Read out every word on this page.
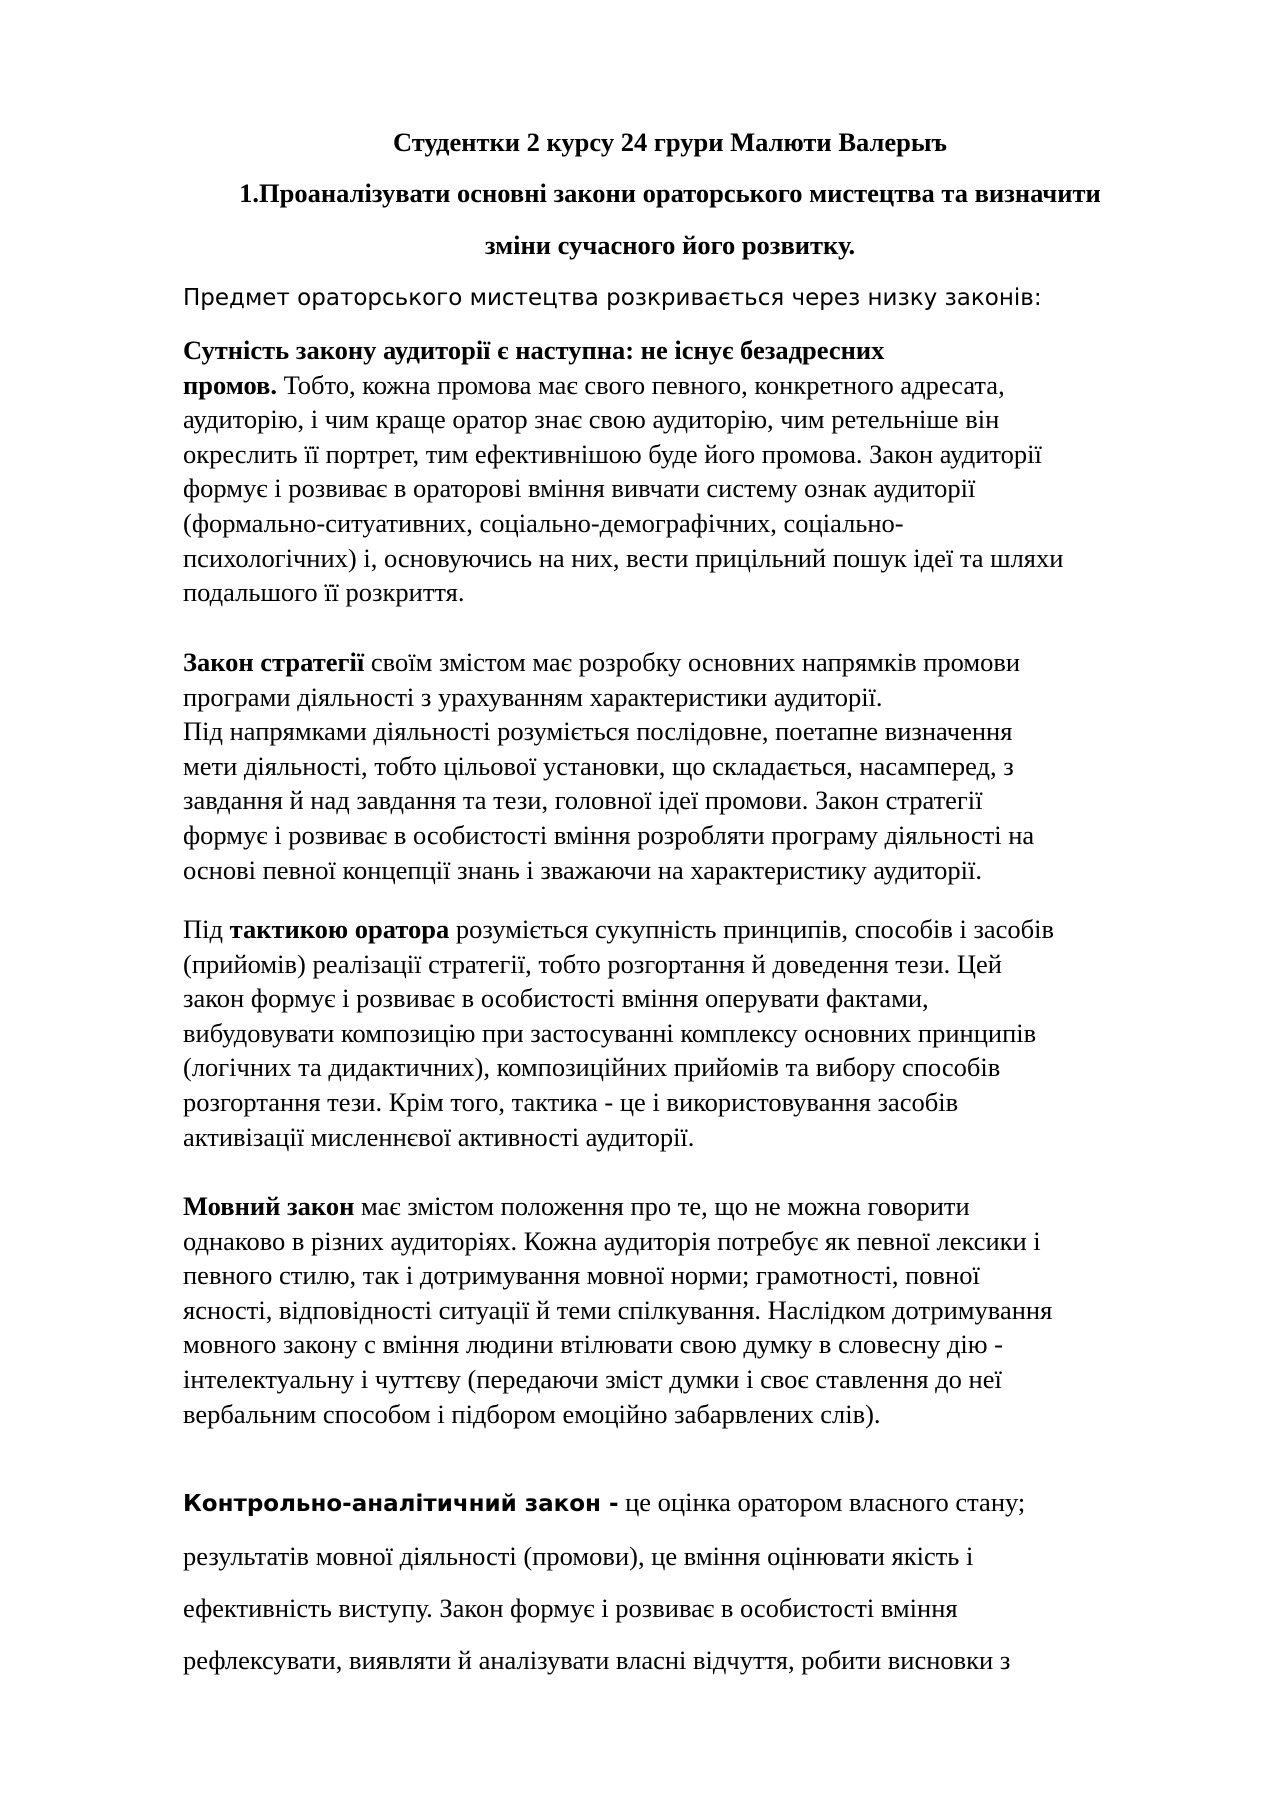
Студентки 2 курсу 24 грури Малюти Валерыъ

1.Проаналізувати основні закони ораторського мистецтва та визначити

зміни сучасного його розвитку.

Предмет ораторського мистецтва розкривається через низку законів:

Сутність закону аудиторії є наступна: не існує безадресних
промов. Тобто, кожна промова має свого певного, конкретного адресата,
аудиторію, і чим краще оратор знає свою аудиторію, чим ретельніше він
окреслить її портрет, тим ефективнішою буде його промова. Закон аудиторії
формує і розвиває в ораторові вміння вивчати систему ознак аудиторії
(формально-ситуативних, соціально-демографічних, соціально-
психологічних) і, основуючись на них, вести прицільний пошук ідеї та шляхи
подальшого її розкриття.
Закон стратегії своїм змістом має розробку основних напрямків промови
програми діяльності з урахуванням характеристики аудиторії.
Під напрямками діяльності розуміється послідовне, поетапне визначення
мети діяльності, тобто цільової установки, що складається, насамперед, з
завдання й над завдання та тези, головної ідеї промови. Закон стратегії
формує і розвиває в особистості вміння розробляти програму діяльності на
основі певної концепції знань і зважаючи на характеристику аудиторії.
Під тактикою оратора розуміється сукупність принципів, способів і засобів
(прийомів) реалізації стратегії, тобто розгортання й доведення тези. Цей
закон формує і розвиває в особистості вміння оперувати фактами,
вибудовувати композицію при застосуванні комплексу основних принципів
(логічних та дидактичних), композиційних прийомів та вибору способів
розгортання тези. Крім того, тактика - це і використовування засобів
активізації мисленнєвої активності аудиторії.
Мовний закон має змістом положення про те, що не можна говорити
однаково в різних аудиторіях. Кожна аудиторія потребує як певної лексики і
певного стилю, так і дотримування мовної норми; грамотності, повної
ясності, відповідності ситуації й теми спілкування. Наслідком дотримування
мовного закону с вміння людини втілювати свою думку в словесну дію -
інтелектуальну і чуттєву (передаючи зміст думки і своє ставлення до неї
вербальним способом і підбором емоційно забарвлених слів).
Контрольно-аналітичний закон - це оцінка оратором власного стану;
результатів мовної діяльності (промови), це вміння оцінювати якість і
ефективність виступу. Закон формує і розвиває в особистості вміння
рефлексувати, виявляти й аналізувати власні відчуття, робити висновки з
